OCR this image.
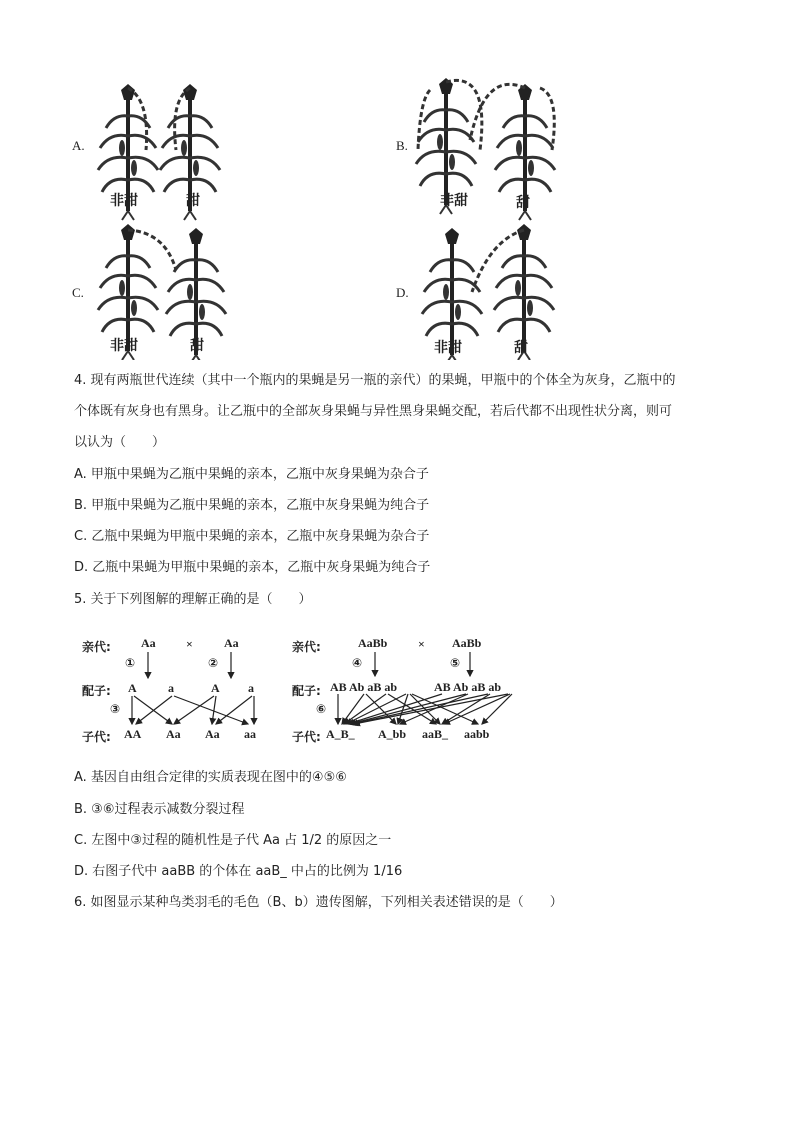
A.
非甜	甜
B.
非甜	甜
C.
非甜	甜
D.
非甜	甜
4. 现有两瓶世代连续（其中一个瓶内的果蝇是另一瓶的亲代）的果蝇，甲瓶中的个体全为灰身，乙瓶中的
个体既有灰身也有黑身。让乙瓶中的全部灰身果蝇与异性黑身果蝇交配，若后代都不出现性状分离，则可
以认为（　　）
A. 甲瓶中果蝇为乙瓶中果蝇的亲本，乙瓶中灰身果蝇为杂合子
B. 甲瓶中果蝇为乙瓶中果蝇的亲本，乙瓶中灰身果蝇为纯合子
C. 乙瓶中果蝇为甲瓶中果蝇的亲本，乙瓶中灰身果蝇为杂合子
D. 乙瓶中果蝇为甲瓶中果蝇的亲本，乙瓶中灰身果蝇为纯合子
5. 关于下列图解的理解正确的是（　　）
亲代:	Aa	×	Aa
①	②
配子: A	a	A a
③
子代: AA Aa Aa aa
亲代:	AaBb	× AaBb
④	⑤
配子: AB Ab aB ab	AB Ab aB ab
⑥
子代: A_B_ A_bb aaB_ aabb
A. 基因自由组合定律的实质表现在图中的④⑤⑥
B. ③⑥过程表示减数分裂过程
C. 左图中③过程的随机性是子代 Aa 占 1/2 的原因之一
D. 右图子代中 aaBB 的个体在 aaB_ 中占的比例为 1/16
6. 如图显示某种鸟类羽毛的毛色（B、b）遗传图解，下列相关表述错误的是（　　）
